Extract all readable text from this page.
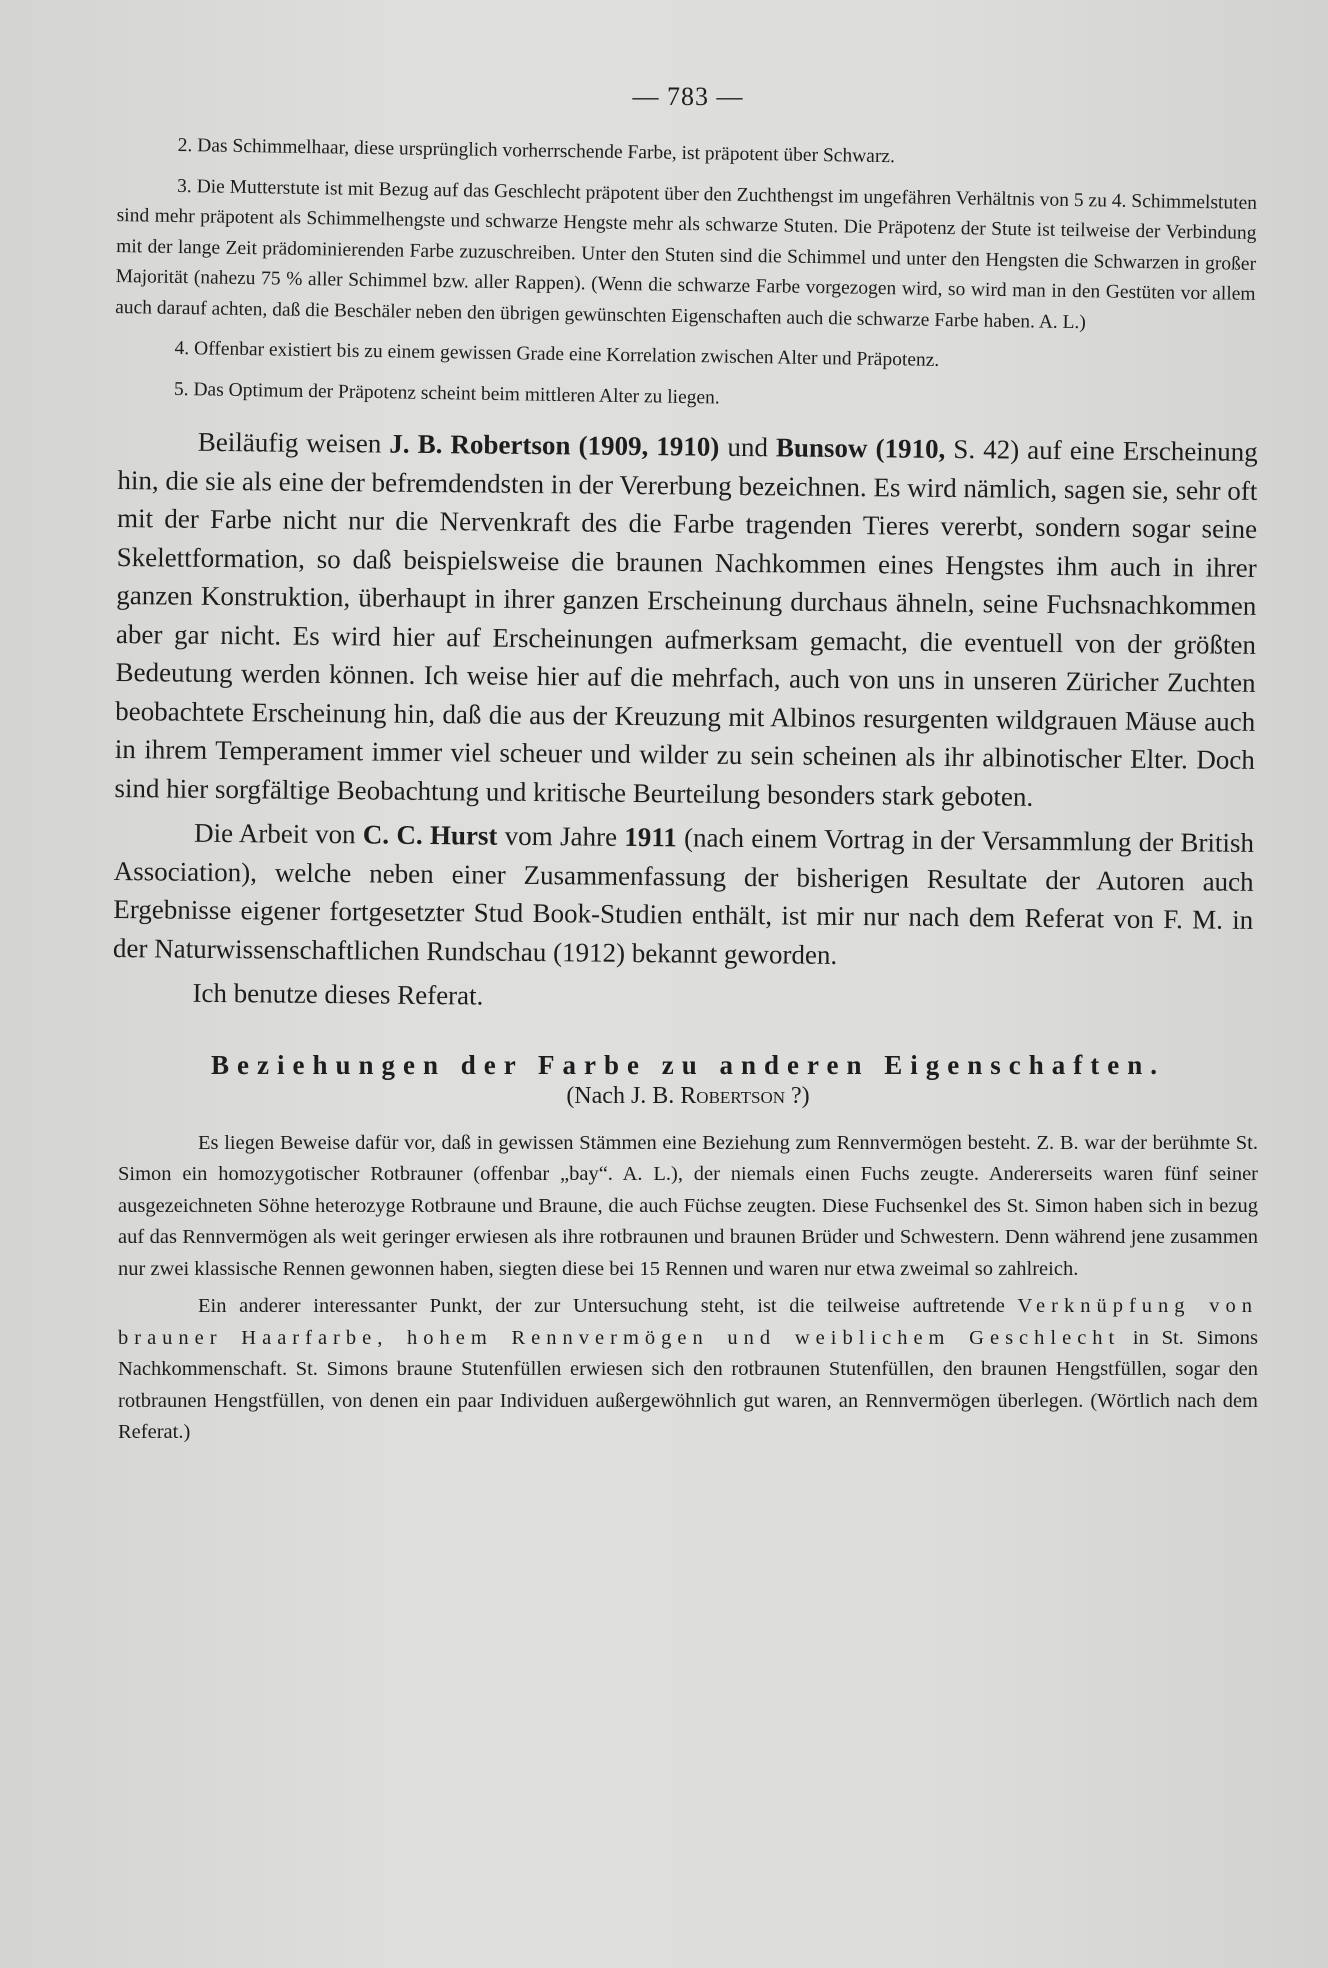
— 783 —

2. Das Schimmelhaar, diese ursprünglich vorherrschende Farbe, ist präpotent über Schwarz.

3. Die Mutterstute ist mit Bezug auf das Geschlecht präpotent über den Zuchthengst im ungefähren Verhältnis von 5 zu 4. Schimmelstuten sind mehr präpotent als Schimmelhengste und schwarze Hengste mehr als schwarze Stuten. Die Präpotenz der Stute ist teilweise der Verbindung mit der lange Zeit prädominierenden Farbe zuzuschreiben. Unter den Stuten sind die Schimmel und unter den Hengsten die Schwarzen in großer Majorität (nahezu 75 % aller Schimmel bzw. aller Rappen). (Wenn die schwarze Farbe vorgezogen wird, so wird man in den Gestüten vor allem auch darauf achten, daß die Beschäler neben den übrigen gewünschten Eigenschaften auch die schwarze Farbe haben. A. L.)

4. Offenbar existiert bis zu einem gewissen Grade eine Korrelation zwischen Alter und Präpotenz.

5. Das Optimum der Präpotenz scheint beim mittleren Alter zu liegen.

Beiläufig weisen J. B. Robertson (1909, 1910) und Bunsow (1910, S. 42) auf eine Erscheinung hin, die sie als eine der befremdendsten in der Vererbung bezeichnen. Es wird nämlich, sagen sie, sehr oft mit der Farbe nicht nur die Nervenkraft des die Farbe tragenden Tieres vererbt, sondern sogar seine Skelettformation, so daß beispielsweise die braunen Nachkommen eines Hengstes ihm auch in ihrer ganzen Konstruktion, überhaupt in ihrer ganzen Erscheinung durchaus ähneln, seine Fuchsnachkommen aber gar nicht. Es wird hier auf Erscheinungen aufmerksam gemacht, die eventuell von der größten Bedeutung werden können. Ich weise hier auf die mehrfach, auch von uns in unseren Züricher Zuchten beobachtete Erscheinung hin, daß die aus der Kreuzung mit Albinos resurgenten wildgrauen Mäuse auch in ihrem Temperament immer viel scheuer und wilder zu sein scheinen als ihr albinotischer Elter. Doch sind hier sorgfältige Beobachtung und kritische Beurteilung besonders stark geboten.

Die Arbeit von C. C. Hurst vom Jahre 1911 (nach einem Vortrag in der Versammlung der British Association), welche neben einer Zusammenfassung der bisherigen Resultate der Autoren auch Ergebnisse eigener fortgesetzter Stud Book-Studien enthält, ist mir nur nach dem Referat von F. M. in der Naturwissenschaftlichen Rundschau (1912) bekannt geworden.

Ich benutze dieses Referat.

Beziehungen der Farbe zu anderen Eigenschaften.
(Nach J. B. Robertson ?)

Es liegen Beweise dafür vor, daß in gewissen Stämmen eine Beziehung zum Rennvermögen besteht. Z. B. war der berühmte St. Simon ein homozygotischer Rotbrauner (offenbar „bay“. A. L.), der niemals einen Fuchs zeugte. Andererseits waren fünf seiner ausgezeichneten Söhne heterozyge Rotbraune und Braune, die auch Füchse zeugten. Diese Fuchsenkel des St. Simon haben sich in bezug auf das Rennvermögen als weit geringer erwiesen als ihre rotbraunen und braunen Brüder und Schwestern. Denn während jene zusammen nur zwei klassische Rennen gewonnen haben, siegten diese bei 15 Rennen und waren nur etwa zweimal so zahlreich.

Ein anderer interessanter Punkt, der zur Untersuchung steht, ist die teilweise auftretende Verknüpfung von brauner Haarfarbe, hohem Rennvermögen und weiblichem Geschlecht in St. Simons Nachkommenschaft. St. Simons braune Stutenfüllen erwiesen sich den rotbraunen Stutenfüllen, den braunen Hengstfüllen, sogar den rotbraunen Hengstfüllen, von denen ein paar Individuen außergewöhnlich gut waren, an Rennvermögen überlegen. (Wörtlich nach dem Referat.)
